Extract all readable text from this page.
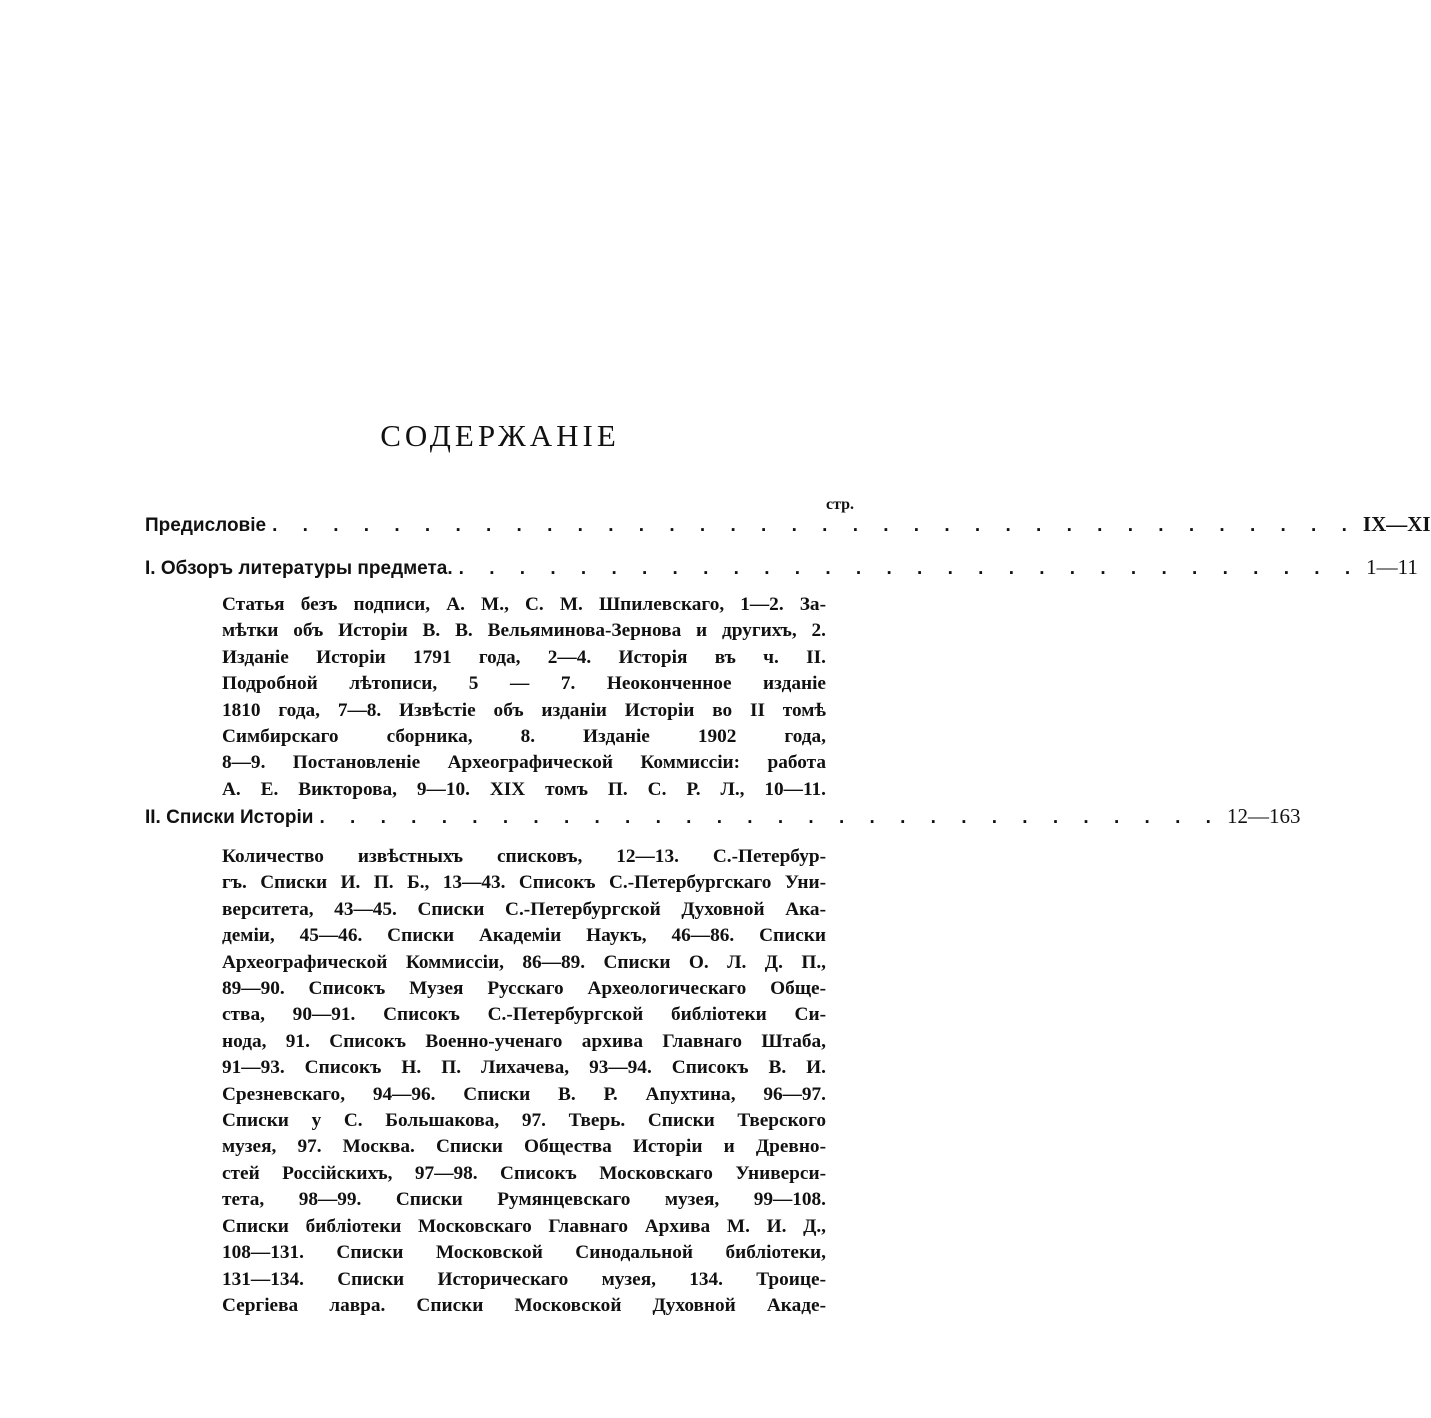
СОДЕРЖАНІЕ
стр.
Предисловіе . . . . . . . . . . . . . . . . . . . . . . . . . . . . . . . . . . . . IX—XI
I. Обзоръ литературы предмета. . . . . . . . . . . . . . . . . . . . . . . . . . . . . . . 1—11
Статья безъ подписи, А. М., С. М. Шпилевскаго, 1—2. За-
мѣтки объ Исторіи В. В. Вельяминова-Зернова и другихъ, 2.
Изданіе Исторіи 1791 года, 2—4. Исторія въ ч. II.
Подробной лѣтописи, 5 — 7. Неоконченное изданіе
1810 года, 7—8. Извѣстіе объ изданіи Исторіи во II томѣ
Симбирскаго сборника, 8. Изданіе 1902 года,
8—9. Постановленіе Археографической Коммиссіи: работа
А. Е. Викторова, 9—10. XIX томъ П. С. Р. Л., 10—11.
II. Списки Исторіи . . . . . . . . . . . . . . . . . . . . . . . . . . . . . . 12—163
Количество извѣстныхъ списковъ, 12—13. С.-Петербур-
гъ. Списки И. П. Б., 13—43. Списокъ С.-Петербургскаго Уни-
верситета, 43—45. Списки С.-Петербургской Духовной Ака-
деміи, 45—46. Списки Академіи Наукъ, 46—86. Списки
Археографической Коммиссіи, 86—89. Списки О. Л. Д. П.,
89—90. Списокъ Музея Русскаго Археологическаго Обще-
ства, 90—91. Списокъ С.-Петербургской библіотеки Си-
нода, 91. Списокъ Военно-ученаго архива Главнаго Штаба,
91—93. Списокъ Н. П. Лихачева, 93—94. Списокъ В. И.
Срезневскаго, 94—96. Списки В. Р. Апухтина, 96—97.
Списки у С. Большакова, 97. Тверь. Списки Тверского
музея, 97. Москва. Списки Общества Исторіи и Древно-
стей Россійскихъ, 97—98. Списокъ Московскаго Универси-
тета, 98—99. Списки Румянцевскаго музея, 99—108.
Списки библіотеки Московскаго Главнаго Архива М. И. Д.,
108—131. Списки Московской Синодальной библіотеки,
131—134. Списки Историческаго музея, 134. Троице-
Сергіева лавра. Списки Московской Духовной Акаде-
